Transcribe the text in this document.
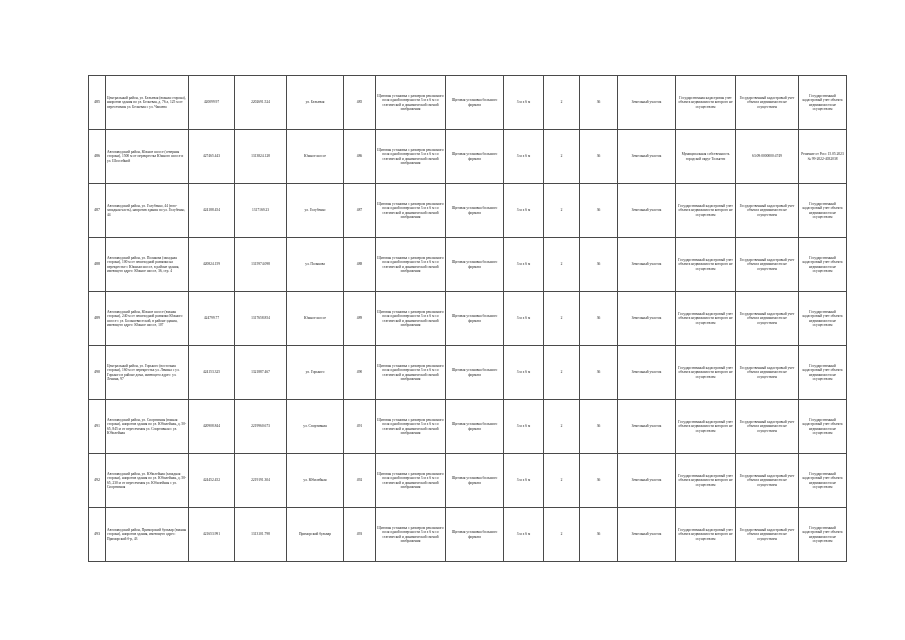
485	Центральный район, ул. Бельевая (южная сторона), напротив здания по ул. Бельевая, д. 76 а, 125 м от пересечения ул. Бельевая с ул. Чапаева	420099.97	2202691.524	ул. Бельевая	485	Щитовая установка с размером рекламного поля одной поверхности 3 м х 6 м со статической и динамической сменой изображения	Щитовая установка большого формата	3 м х 6 м	2	36	Земельный участок	Государственная кадастровая учет объекта недвижимости которого не осуществлен	Государственный кадастровый учет объекта недвижимости не осуществлен	Государственный кадастровый учет объекта недвижимости не осуществлен
486	Автозаводский район, Южное шоссе (северная сторона), 1500 м от перекрестка Южного шоссе и ул. Шоссейной	427465.443	1313824.128	Южное шоссе	486	Щитовая установка с размером рекламного поля одной поверхности 3 м х 6 м со статической и динамической сменой изображения	Щитовая установка большого формата	3 м х 6 м	2	36	Земельный участок	Муниципальная собственность городской округ Тольятти	63:09:0000000:4749	Решение от Росс 15.05.2023 № 99-2022-4032038
487	Автозаводский район, ул. Голубенко, 44 (юго-западная часть), напротив здания по ул. Голубенко, 44	424188.454	1317169.23	ул. Голубенко	487	Щитовая установка с размером рекламного поля одной поверхности 3 м х 6 м со статической и динамической сменой изображения	Щитовая установка большого формата	3 м х 6 м	2	36	Земельный участок	Государственный кадастровый учет объекта недвижимости которого не осуществлен	Государственный кадастровый учет объекта недвижимости не осуществлен	Государственный кадастровый учет объекта недвижимости не осуществлен
488	Автозаводский район, ул. Полякова (западная сторона), 100 м от пешеходной развязки на перекрестке с Южным шоссе, в районе здания, имеющего адрес: Южное шоссе, 36, стр. 4	420824.159	1315974.098	ул. Полякова	488	Щитовая установка с размером рекламного поля одной поверхности 3 м х 6 м со статической и динамической сменой изображения	Щитовая установка большого формата	3 м х 6 м	2	36	Земельный участок	Государственный кадастровый учет объекта недвижимости которого не осуществлен	Государственный кадастровый учет объекта недвижимости не осуществлен	Государственный кадастровый учет объекта недвижимости не осуществлен
489	Автозаводский район, Южное шоссе (южная сторона), 240 м от пешеходной развязки Южного шоссе с ул. Большевистской, в районе здания, имеющего адрес: Южное шоссе, 107	424799.77	1317658.854	Южное шоссе	489	Щитовая установка с размером рекламного поля одной поверхности 3 м х 6 м со статической и динамической сменой изображения	Щитовая установка большого формата	3 м х 6 м	2	36	Земельный участок	Государственный кадастровый учет объекта недвижимости которого не осуществлен	Государственный кадастровый учет объекта недвижимости не осуществлен	Государственный кадастровый учет объекта недвижимости не осуществлен
490	Центральный район, ул. Горького (восточная сторона), 160 м от перекрестка ул. Ленина с ул. Горького в районе дома, имеющего адрес: ул. Ленина, 97	424153.325	1321887.467	ул. Горького	490	Щитовая установка с размером рекламного поля одной поверхности 3 м х 6 м со статической и динамической сменой изображения	Щитовая установка большого формата	3 м х 6 м	2	36	Земельный участок	Государственный кадастровый учет объекта недвижимости которого не осуществлен	Государственный кадастровый учет объекта недвижимости не осуществлен	Государственный кадастровый учет объекта недвижимости не осуществлен
491	Автозаводский район, ул. Спортивная (южная сторона), напротив здания по ул. Юбилейная, д. 50-65, 845 м от пересечения ул. Спортивная с ул. Юбилейная	420908.844	2219960.673	ул. Спортивная	491	Щитовая установка с размером рекламного поля одной поверхности 3 м х 6 м со статической и динамической сменой изображения	Щитовая установка большого формата	3 м х 6 м	2	36	Земельный участок	Государственный кадастровый учет объекта недвижимости которого не осуществлен	Государственный кадастровый учет объекта недвижимости не осуществлен	Государственный кадастровый учет объекта недвижимости не осуществлен
492	Автозаводский район, ул. Юбилейная (западная сторона), напротив здания по ул. Юбилейная, д. 50-65, 230 м от пересечения ул. Юбилейная с ул. Спортивная	424452.452	2219191.304	ул. Юбилейная	492	Щитовая установка с размером рекламного поля одной поверхности 3 м х 6 м со статической и динамической сменой изображения	Щитовая установка большого формата	3 м х 6 м	2	36	Земельный участок	Государственный кадастровый учет объекта недвижимости которого не осуществлен	Государственный кадастровый учет объекта недвижимости не осуществлен	Государственный кадастровый учет объекта недвижимости не осуществлен
493	Автозаводский район, Приморский бульвар (южная сторона), напротив здания, имеющего адрес: Приморский б-р, 43	421653.991	1313101.798	Приморский бульвар	493	Щитовая установка с размером рекламного поля одной поверхности 3 м х 6 м со статической и динамической сменой изображения	Щитовая установка большого формата	3 м х 6 м	2	36	Земельный участок	Государственный кадастровый учет объекта недвижимости которого не осуществлен	Государственный кадастровый учет объекта недвижимости не осуществлен	Государственный кадастровый учет объекта недвижимости не осуществлен
